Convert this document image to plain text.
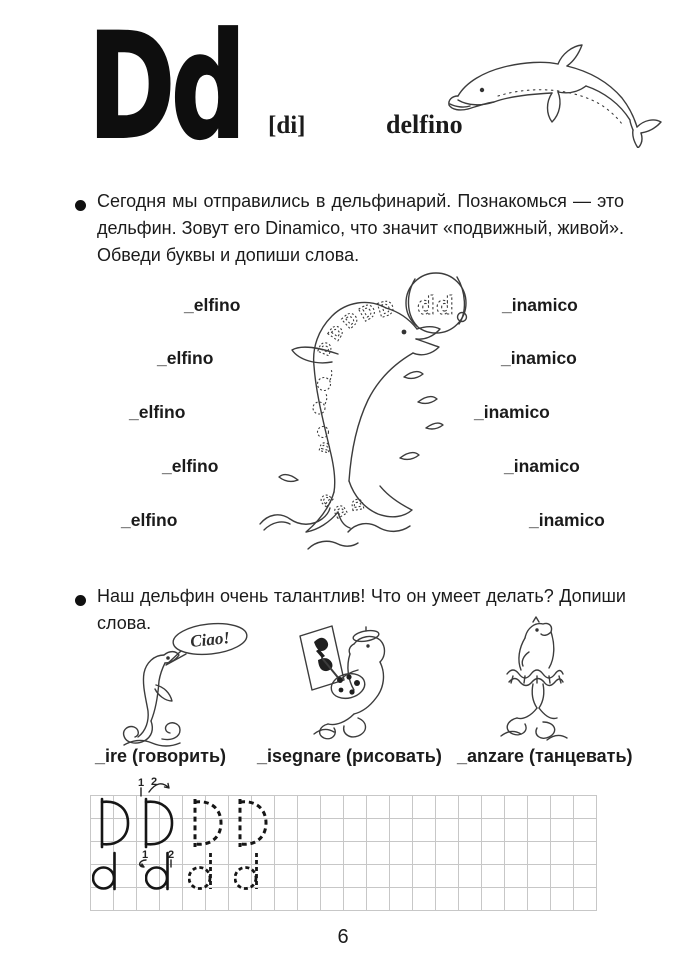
Dd [di]	delfino
Сегодня мы отправились в дельфинарий. Познакомься — это
дельфин. Зовут его Dinamico, что значит «подвижный, живой».
Обведи буквы и допиши слова.
_elfino
_elfino
_elfino
_elfino
_elfino
_inamico
_inamico
_inamico
_inamico
_inamico
dd
D
D
D
D
D
D
D
D
D
Наш дельфин очень талантлив! Что он умеет делать? Допиши
слова.
Ciao!
_ire (говорить) _isegnare (рисовать) _anzare (танцевать)
1 2
1 2
6
